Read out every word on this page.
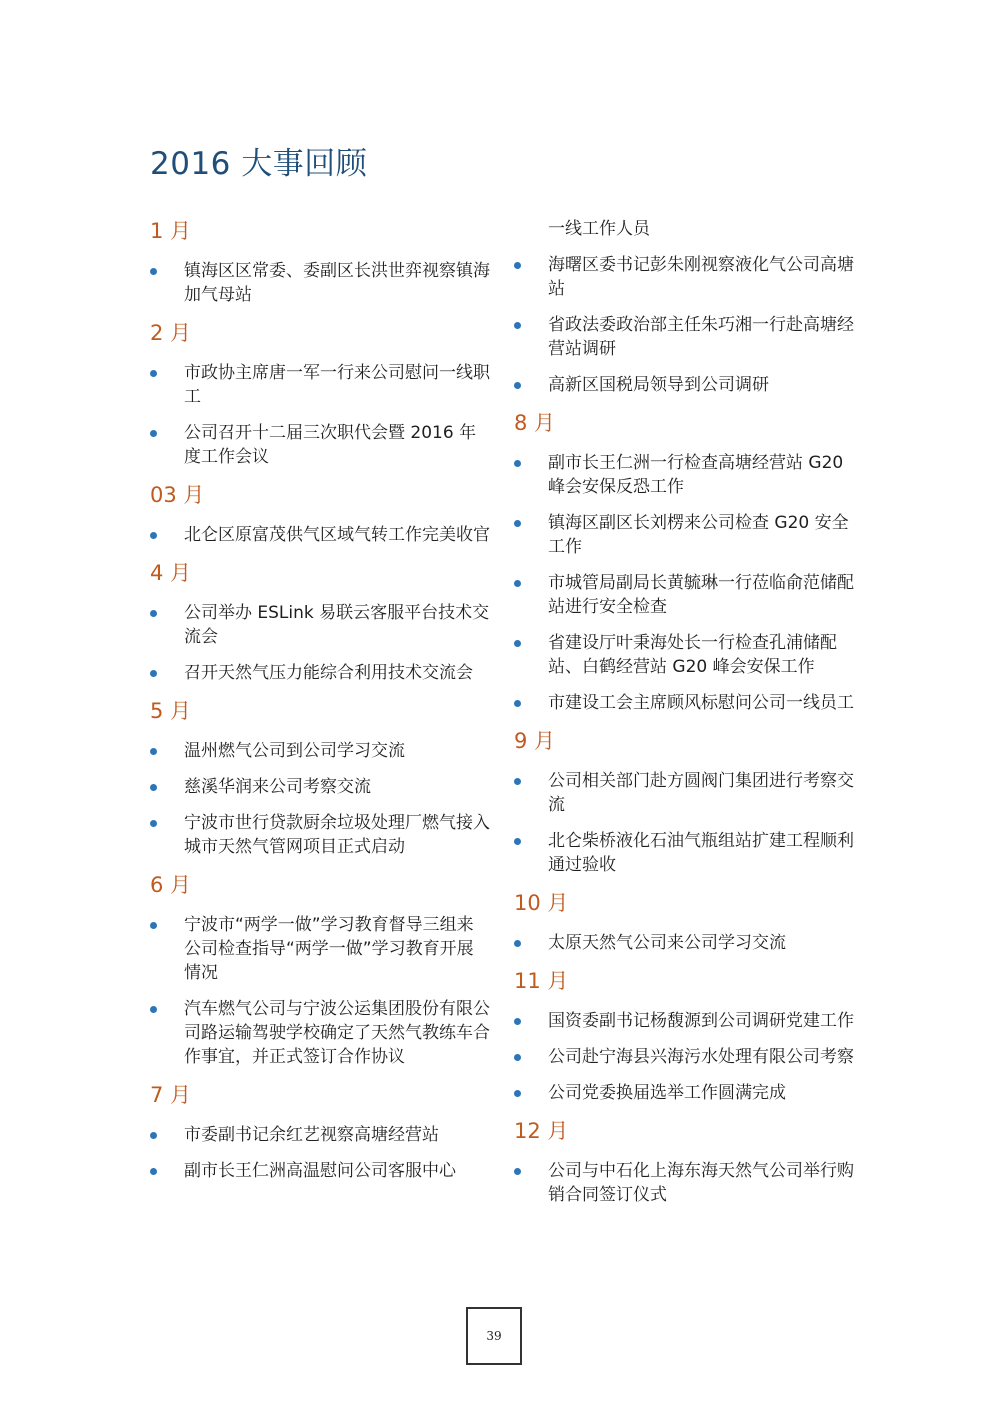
2016 大事回顾
1 月
镇海区区常委、委副区长洪世弈视察镇海加气母站
2 月
市政协主席唐一军一行来公司慰问一线职工
公司召开十二届三次职代会暨 2016 年度工作会议
03 月
北仑区原富茂供气区域气转工作完美收官
4 月
公司举办 ESLink 易联云客服平台技术交流会
召开天然气压力能综合利用技术交流会
5 月
温州燃气公司到公司学习交流
慈溪华润来公司考察交流
宁波市世行贷款厨余垃圾处理厂燃气接入城市天然气管网项目正式启动
6 月
宁波市“两学一做”学习教育督导三组来公司检查指导“两学一做”学习教育开展情况
汽车燃气公司与宁波公运集团股份有限公司路运输驾驶学校确定了天然气教练车合作事宜，并正式签订合作协议
7 月
市委副书记余红艺视察高塘经营站
副市长王仁洲高温慰问公司客服中心
一线工作人员
海曙区委书记彭朱刚视察液化气公司高塘站
省政法委政治部主任朱巧湘一行赴高塘经营站调研
高新区国税局领导到公司调研
8 月
副市长王仁洲一行检查高塘经营站 G20 峰会安保反恐工作
镇海区副区长刘楞来公司检查 G20 安全工作
市城管局副局长黄毓琳一行莅临俞范储配站进行安全检查
省建设厅叶秉海处长一行检查孔浦储配站、白鹤经营站 G20 峰会安保工作
市建设工会主席顾风标慰问公司一线员工
9 月
公司相关部门赴方圆阀门集团进行考察交流
北仑柴桥液化石油气瓶组站扩建工程顺利通过验收
10 月
太原天然气公司来公司学习交流
11 月
国资委副书记杨馥源到公司调研党建工作
公司赴宁海县兴海污水处理有限公司考察
公司党委换届选举工作圆满完成
12 月
公司与中石化上海东海天然气公司举行购销合同签订仪式
39
